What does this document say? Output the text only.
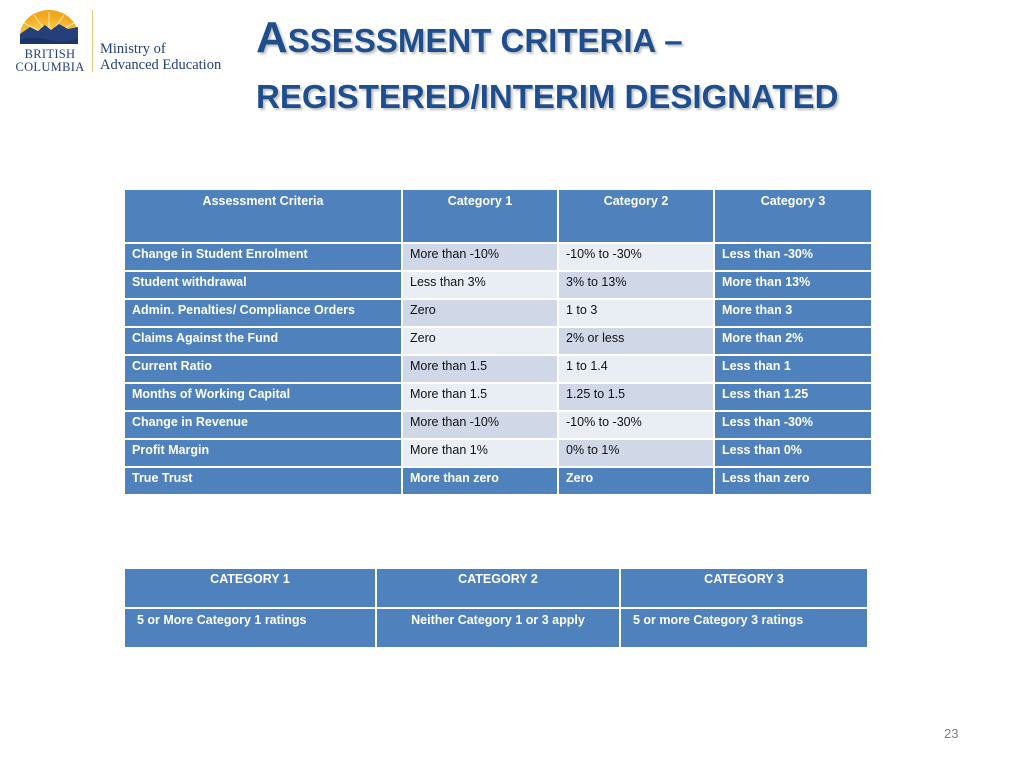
BRITISH
COLUMBIA
Ministry of
Advanced Education
ASSESSMENT CRITERIA –
REGISTERED/INTERIM DESIGNATED
Assessment Criteria	Category 1	Category 2	Category 3
Change in Student Enrolment	More than -10%	-10% to -30%	Less than -30%
Student withdrawal	Less than 3%	3% to 13%	More than 13%
Admin. Penalties/ Compliance Orders	Zero	1 to 3	More than 3
Claims Against the Fund	Zero	2% or less	More than 2%
Current Ratio	More than 1.5	1 to 1.4	Less than 1
Months of Working Capital	More than 1.5	1.25 to 1.5	Less than 1.25
Change in Revenue	More than -10%	-10% to -30%	Less than -30%
Profit Margin	More than 1%	0% to 1%	Less than 0%
True Trust	More than zero	Zero	Less than zero
CATEGORY 1	CATEGORY 2	CATEGORY 3
5 or More Category 1 ratings	Neither Category 1 or 3 apply	5 or more Category 3 ratings
23
